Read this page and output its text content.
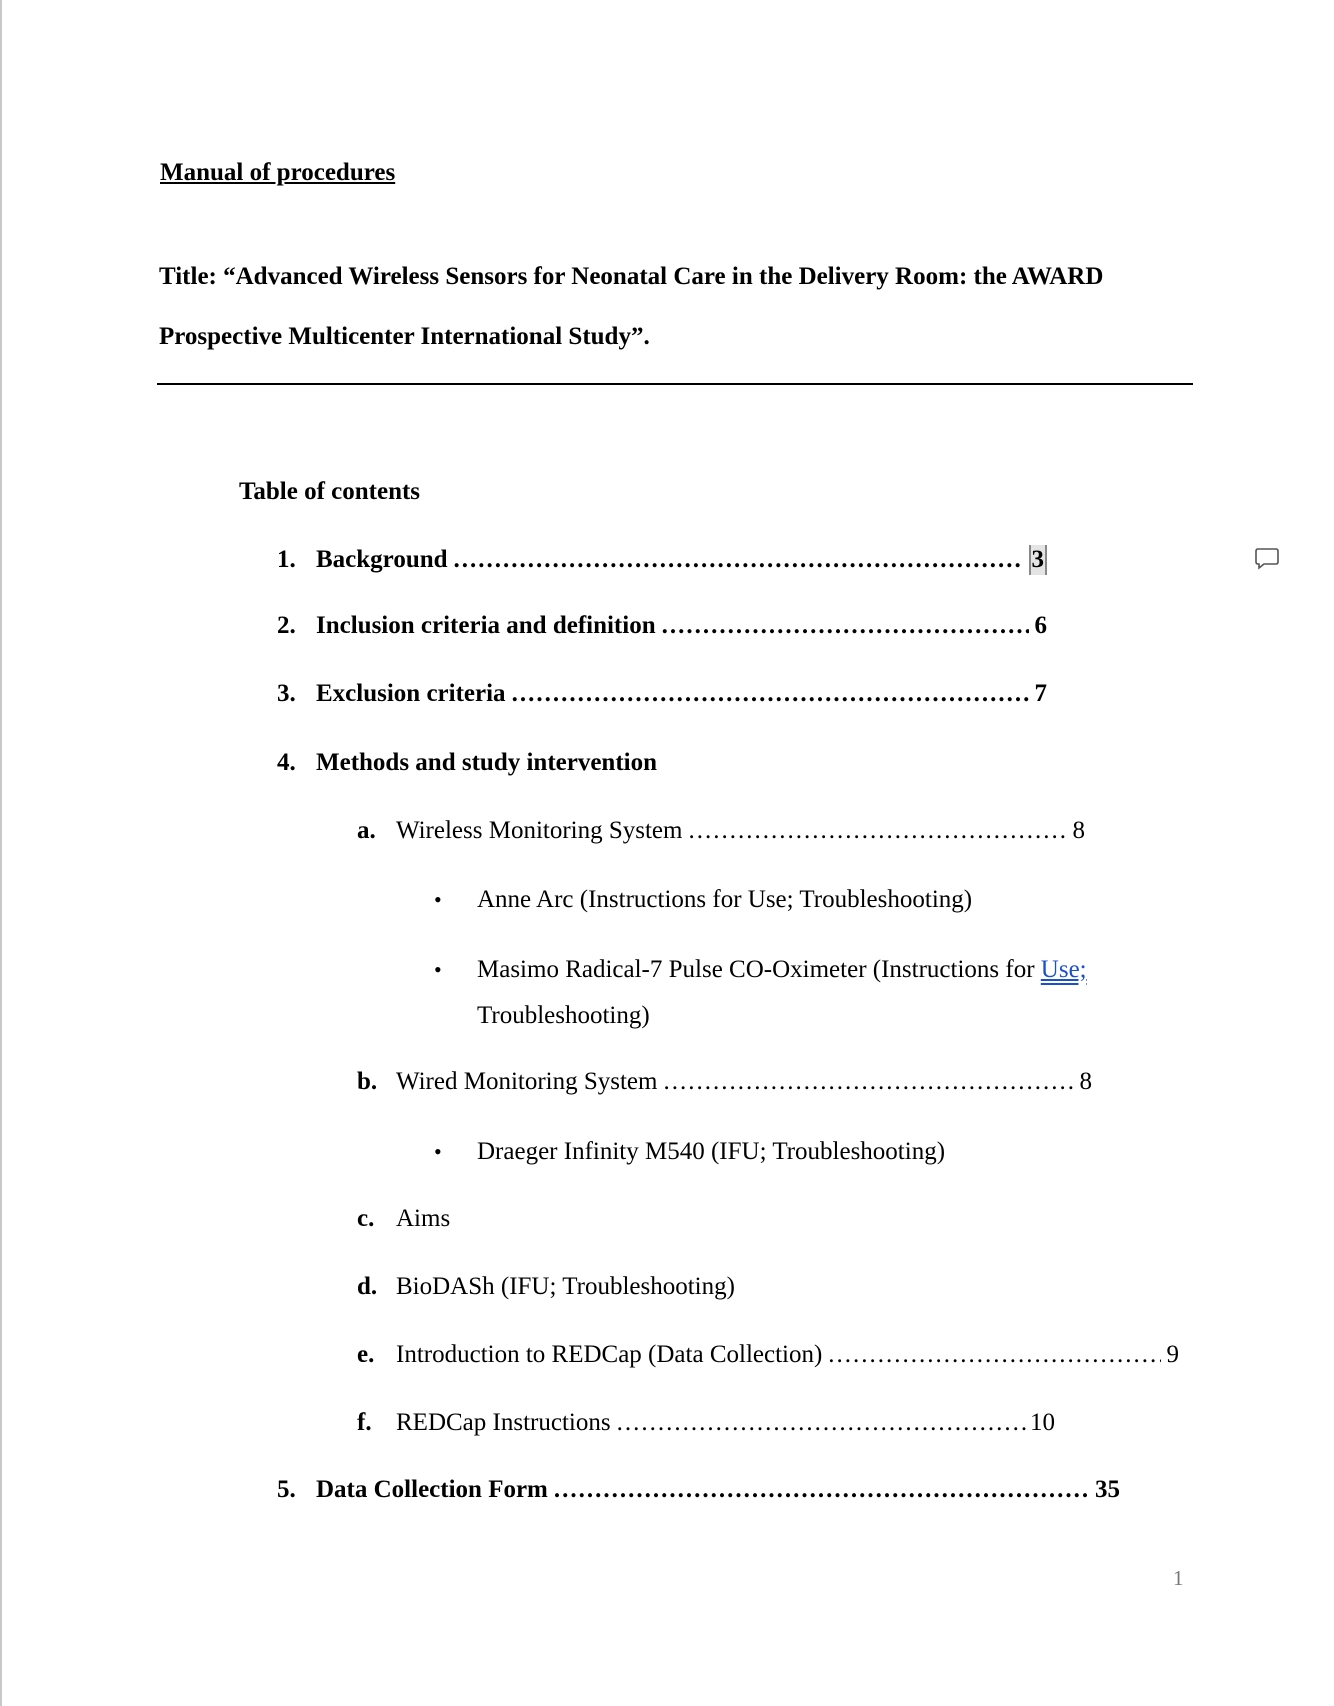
Manual of procedures
Title: “Advanced Wireless Sensors for Neonatal Care in the Delivery Room: the AWARD
Prospective Multicenter International Study”.
Table of contents
1. Background .....	3
2. Inclusion criteria and definition .....	6
3. Exclusion criteria .....	7
4. Methods and study intervention
a. Wireless Monitoring System .....	8
• Anne Arc (Instructions for Use; Troubleshooting)
• Masimo Radical-7 Pulse CO-Oximeter (Instructions for Use;
Troubleshooting)
b. Wired Monitoring System .....	8
• Draeger Infinity M540 (IFU; Troubleshooting)
c. Aims
d. BioDASh (IFU; Troubleshooting)
e. Introduction to REDCap (Data Collection) .....	9
f. REDCap Instructions .....	10
5. Data Collection Form .....	35
1
